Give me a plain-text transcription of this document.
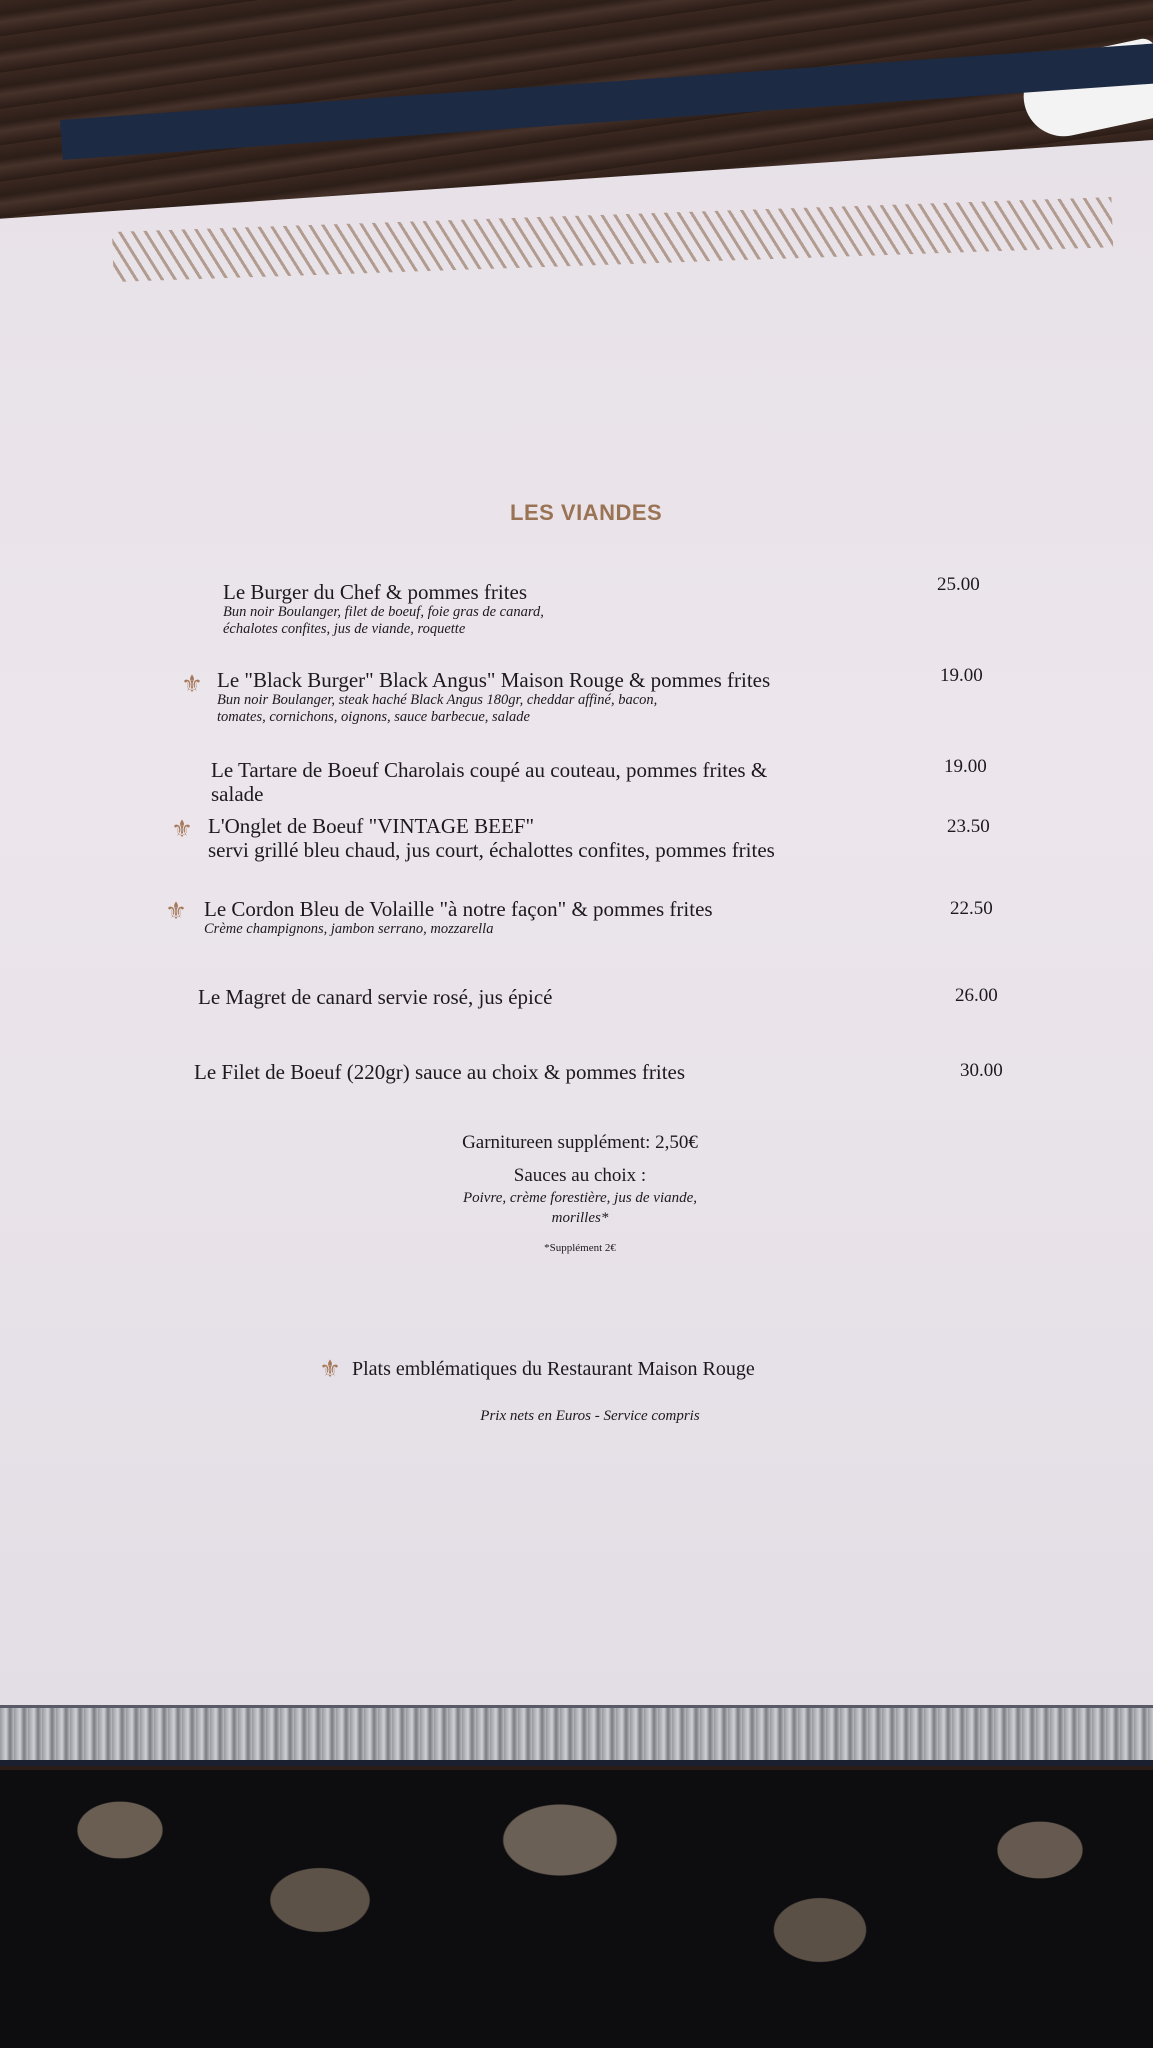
LES VIANDES
Le Burger du Chef & pommes frites
Bun noir Boulanger, filet de boeuf, foie gras de canard,
échalotes confites, jus de viande, roquette
25.00
⚜ Le "Black Burger" Black Angus" Maison Rouge & pommes frites
Bun noir Boulanger, steak haché Black Angus 180gr, cheddar affiné, bacon,
tomates, cornichons, oignons, sauce barbecue, salade
19.00
Le Tartare de Boeuf Charolais coupé au couteau, pommes frites &
salade
19.00
⚜ L'Onglet de Boeuf "VINTAGE BEEF"
servi grillé bleu chaud, jus court, échalottes confites, pommes frites
23.50
⚜ Le Cordon Bleu de Volaille "à notre façon" & pommes frites
Crème champignons, jambon serrano, mozzarella
22.50
Le Magret de canard servie rosé, jus épicé	26.00
Le Filet de Boeuf (220gr) sauce au choix & pommes frites	30.00
Garnitureen supplément: 2,50€
Sauces au choix :
Poivre, crème forestière, jus de viande,
morilles*
*Supplément 2€
⚜ Plats emblématiques du Restaurant Maison Rouge
Prix nets en Euros - Service compris
